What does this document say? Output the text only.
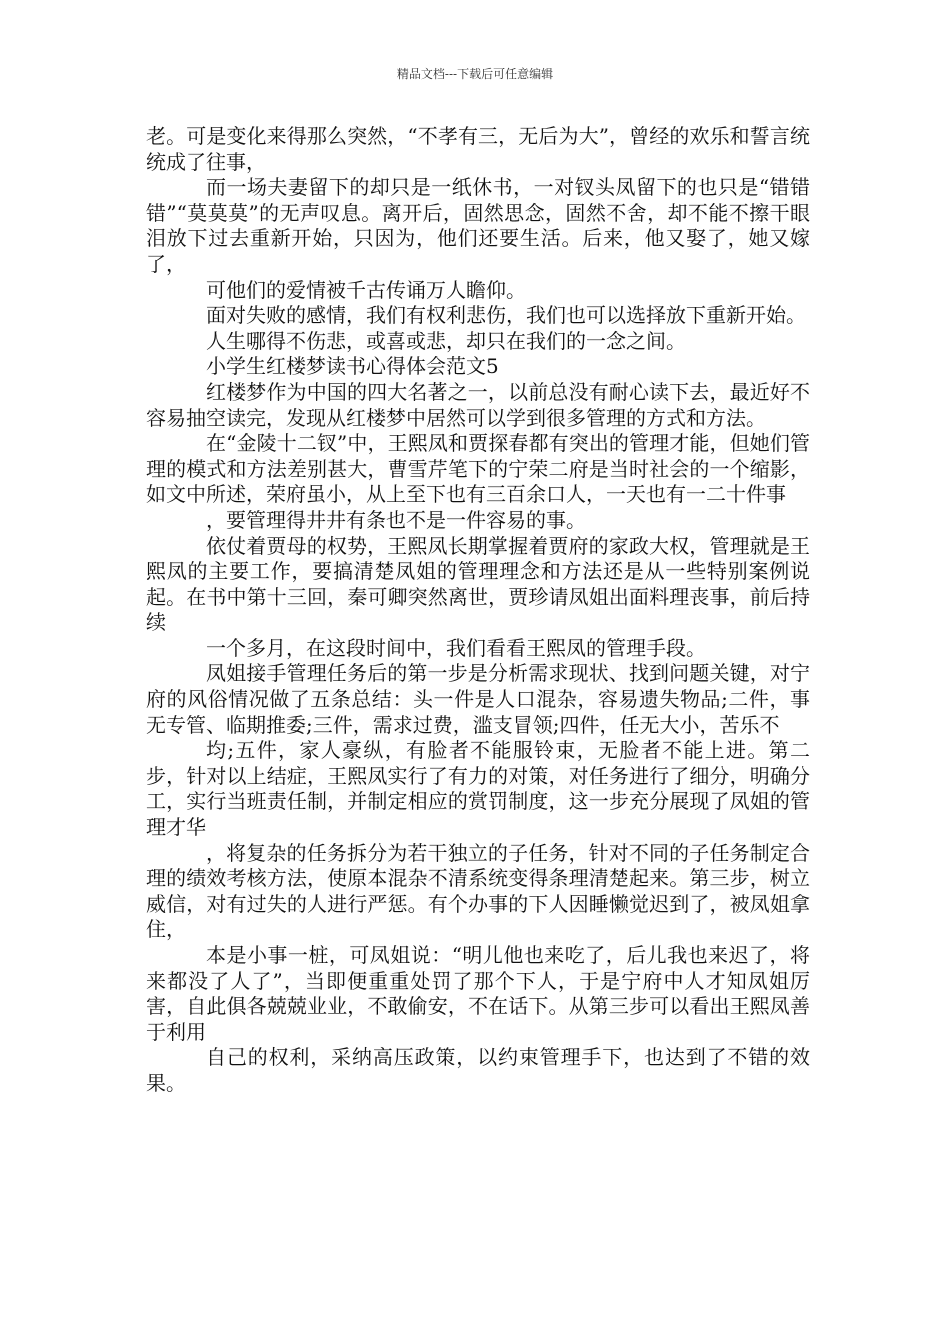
精品文档---下载后可任意编辑

老。可是变化来得那么突然，“不孝有三，无后为大”，曾经的欢乐和誓言统统成了往事，

而一场夫妻留下的却只是一纸休书，一对钗头凤留下的也只是“错错错”“莫莫莫”的无声叹息。离开后，固然思念，固然不舍，却不能不擦干眼泪放下过去重新开始，只因为，他们还要生活。后来，他又娶了，她又嫁了，

可他们的爱情被千古传诵万人瞻仰。

面对失败的感情，我们有权利悲伤，我们也可以选择放下重新开始。

人生哪得不伤悲，或喜或悲，却只在我们的一念之间。

小学生红楼梦读书心得体会范文5

红楼梦作为中国的四大名著之一，以前总没有耐心读下去，最近好不容易抽空读完，发现从红楼梦中居然可以学到很多管理的方式和方法。

在“金陵十二钗”中，王熙凤和贾探春都有突出的管理才能，但她们管理的模式和方法差别甚大，曹雪芹笔下的宁荣二府是当时社会的一个缩影，如文中所述，荣府虽小，从上至下也有三百余口人，一天也有一二十件事

，要管理得井井有条也不是一件容易的事。

依仗着贾母的权势，王熙凤长期掌握着贾府的家政大权，管理就是王熙凤的主要工作，要搞清楚凤姐的管理理念和方法还是从一些特别案例说起。在书中第十三回，秦可卿突然离世，贾珍请凤姐出面料理丧事，前后持续

一个多月，在这段时间中，我们看看王熙凤的管理手段。

凤姐接手管理任务后的第一步是分析需求现状、找到问题关键，对宁府的风俗情况做了五条总结：头一件是人口混杂，容易遗失物品;二件，事无专管、临期推委;三件，需求过费，滥支冒领;四件，任无大小，苦乐不

均;五件，家人豪纵，有脸者不能服铃束，无脸者不能上进。第二步，针对以上结症，王熙凤实行了有力的对策，对任务进行了细分，明确分工，实行当班责任制，并制定相应的赏罚制度，这一步充分展现了凤姐的管理才华

，将复杂的任务拆分为若干独立的子任务，针对不同的子任务制定合理的绩效考核方法，使原本混杂不清系统变得条理清楚起来。第三步，树立威信，对有过失的人进行严惩。有个办事的下人因睡懒觉迟到了，被凤姐拿住，

本是小事一桩，可凤姐说：“明儿他也来吃了，后儿我也来迟了，将来都没了人了”，当即便重重处罚了那个下人，于是宁府中人才知凤姐厉害，自此俱各兢兢业业，不敢偷安，不在话下。从第三步可以看出王熙凤善于利用

自己的权利，采纳高压政策，以约束管理手下，也达到了不错的效果。
